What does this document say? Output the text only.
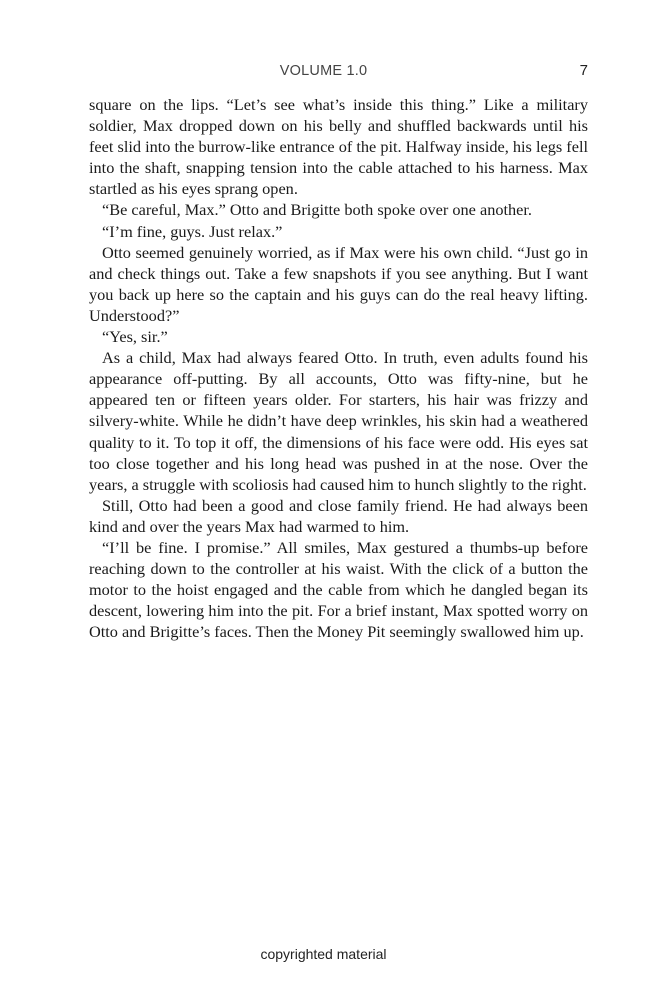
VOLUME 1.0	7

square on the lips. “Let’s see what’s inside this thing.” Like a military soldier, Max dropped down on his belly and shuffled backwards until his feet slid into the burrow-like entrance of the pit. Halfway inside, his legs fell into the shaft, snapping tension into the cable attached to his harness. Max startled as his eyes sprang open.

“Be careful, Max.” Otto and Brigitte both spoke over one another.

“I’m fine, guys. Just relax.”

Otto seemed genuinely worried, as if Max were his own child. “Just go in and check things out. Take a few snapshots if you see anything. But I want you back up here so the captain and his guys can do the real heavy lifting. Understood?”

“Yes, sir.”

As a child, Max had always feared Otto. In truth, even adults found his appearance off-putting. By all accounts, Otto was fifty-nine, but he appeared ten or fifteen years older. For starters, his hair was frizzy and silvery-white. While he didn’t have deep wrinkles, his skin had a weathered quality to it. To top it off, the dimensions of his face were odd. His eyes sat too close together and his long head was pushed in at the nose. Over the years, a struggle with scoliosis had caused him to hunch slightly to the right.

Still, Otto had been a good and close family friend. He had always been kind and over the years Max had warmed to him.

“I’ll be fine. I promise.” All smiles, Max gestured a thumbs-up before reaching down to the controller at his waist. With the click of a button the motor to the hoist engaged and the cable from which he dangled began its descent, lowering him into the pit. For a brief instant, Max spotted worry on Otto and Brigitte’s faces. Then the Money Pit seemingly swallowed him up.

copyrighted material
